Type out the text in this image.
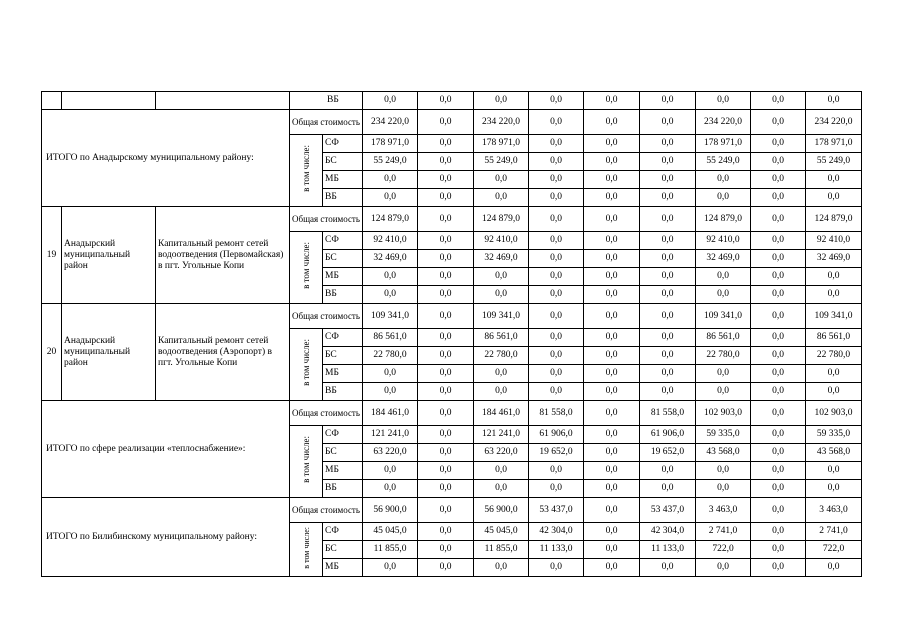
			ВБ		0,0	0,0	0,0	0,0	0,0	0,0	0,0	0,0	0,0
ИТОГО по Анадырскому муниципальному району:			Общая стоимость		234 220,0	0,0	234 220,0	0,0	0,0	0,0	234 220,0	0,0	234 220,0
			в том числе:	СФ	178 971,0	0,0	178 971,0	0,0	0,0	0,0	178 971,0	0,0	178 971,0
				БС	55 249,0	0,0	55 249,0	0,0	0,0	0,0	55 249,0	0,0	55 249,0
				МБ	0,0	0,0	0,0	0,0	0,0	0,0	0,0	0,0	0,0
				ВБ	0,0	0,0	0,0	0,0	0,0	0,0	0,0	0,0	0,0
19	Анадырский муниципальный район	Капитальный ремонт сетей водоотведения (Первомайская) в пгт. Угольные Копи	Общая стоимость		124 879,0	0,0	124 879,0	0,0	0,0	0,0	124 879,0	0,0	124 879,0
			в том числе:	СФ	92 410,0	0,0	92 410,0	0,0	0,0	0,0	92 410,0	0,0	92 410,0
				БС	32 469,0	0,0	32 469,0	0,0	0,0	0,0	32 469,0	0,0	32 469,0
				МБ	0,0	0,0	0,0	0,0	0,0	0,0	0,0	0,0	0,0
				ВБ	0,0	0,0	0,0	0,0	0,0	0,0	0,0	0,0	0,0
20	Анадырский муниципальный район	Капитальный ремонт сетей водоотведения (Аэропорт) в пгт. Угольные Копи	Общая стоимость		109 341,0	0,0	109 341,0	0,0	0,0	0,0	109 341,0	0,0	109 341,0
			в том числе:	СФ	86 561,0	0,0	86 561,0	0,0	0,0	0,0	86 561,0	0,0	86 561,0
				БС	22 780,0	0,0	22 780,0	0,0	0,0	0,0	22 780,0	0,0	22 780,0
				МБ	0,0	0,0	0,0	0,0	0,0	0,0	0,0	0,0	0,0
				ВБ	0,0	0,0	0,0	0,0	0,0	0,0	0,0	0,0	0,0
ИТОГО по сфере реализации «теплоснабжение»:			Общая стоимость		184 461,0	0,0	184 461,0	81 558,0	0,0	81 558,0	102 903,0	0,0	102 903,0
			в том числе:	СФ	121 241,0	0,0	121 241,0	61 906,0	0,0	61 906,0	59 335,0	0,0	59 335,0
				БС	63 220,0	0,0	63 220,0	19 652,0	0,0	19 652,0	43 568,0	0,0	43 568,0
				МБ	0,0	0,0	0,0	0,0	0,0	0,0	0,0	0,0	0,0
				ВБ	0,0	0,0	0,0	0,0	0,0	0,0	0,0	0,0	0,0
ИТОГО по Билибинскому муниципальному району:			Общая стоимость		56 900,0	0,0	56 900,0	53 437,0	0,0	53 437,0	3 463,0	0,0	3 463,0
			в том числе:	СФ	45 045,0	0,0	45 045,0	42 304,0	0,0	42 304,0	2 741,0	0,0	2 741,0
				БС	11 855,0	0,0	11 855,0	11 133,0	0,0	11 133,0	722,0	0,0	722,0
				МБ	0,0	0,0	0,0	0,0	0,0	0,0	0,0	0,0	0,0
